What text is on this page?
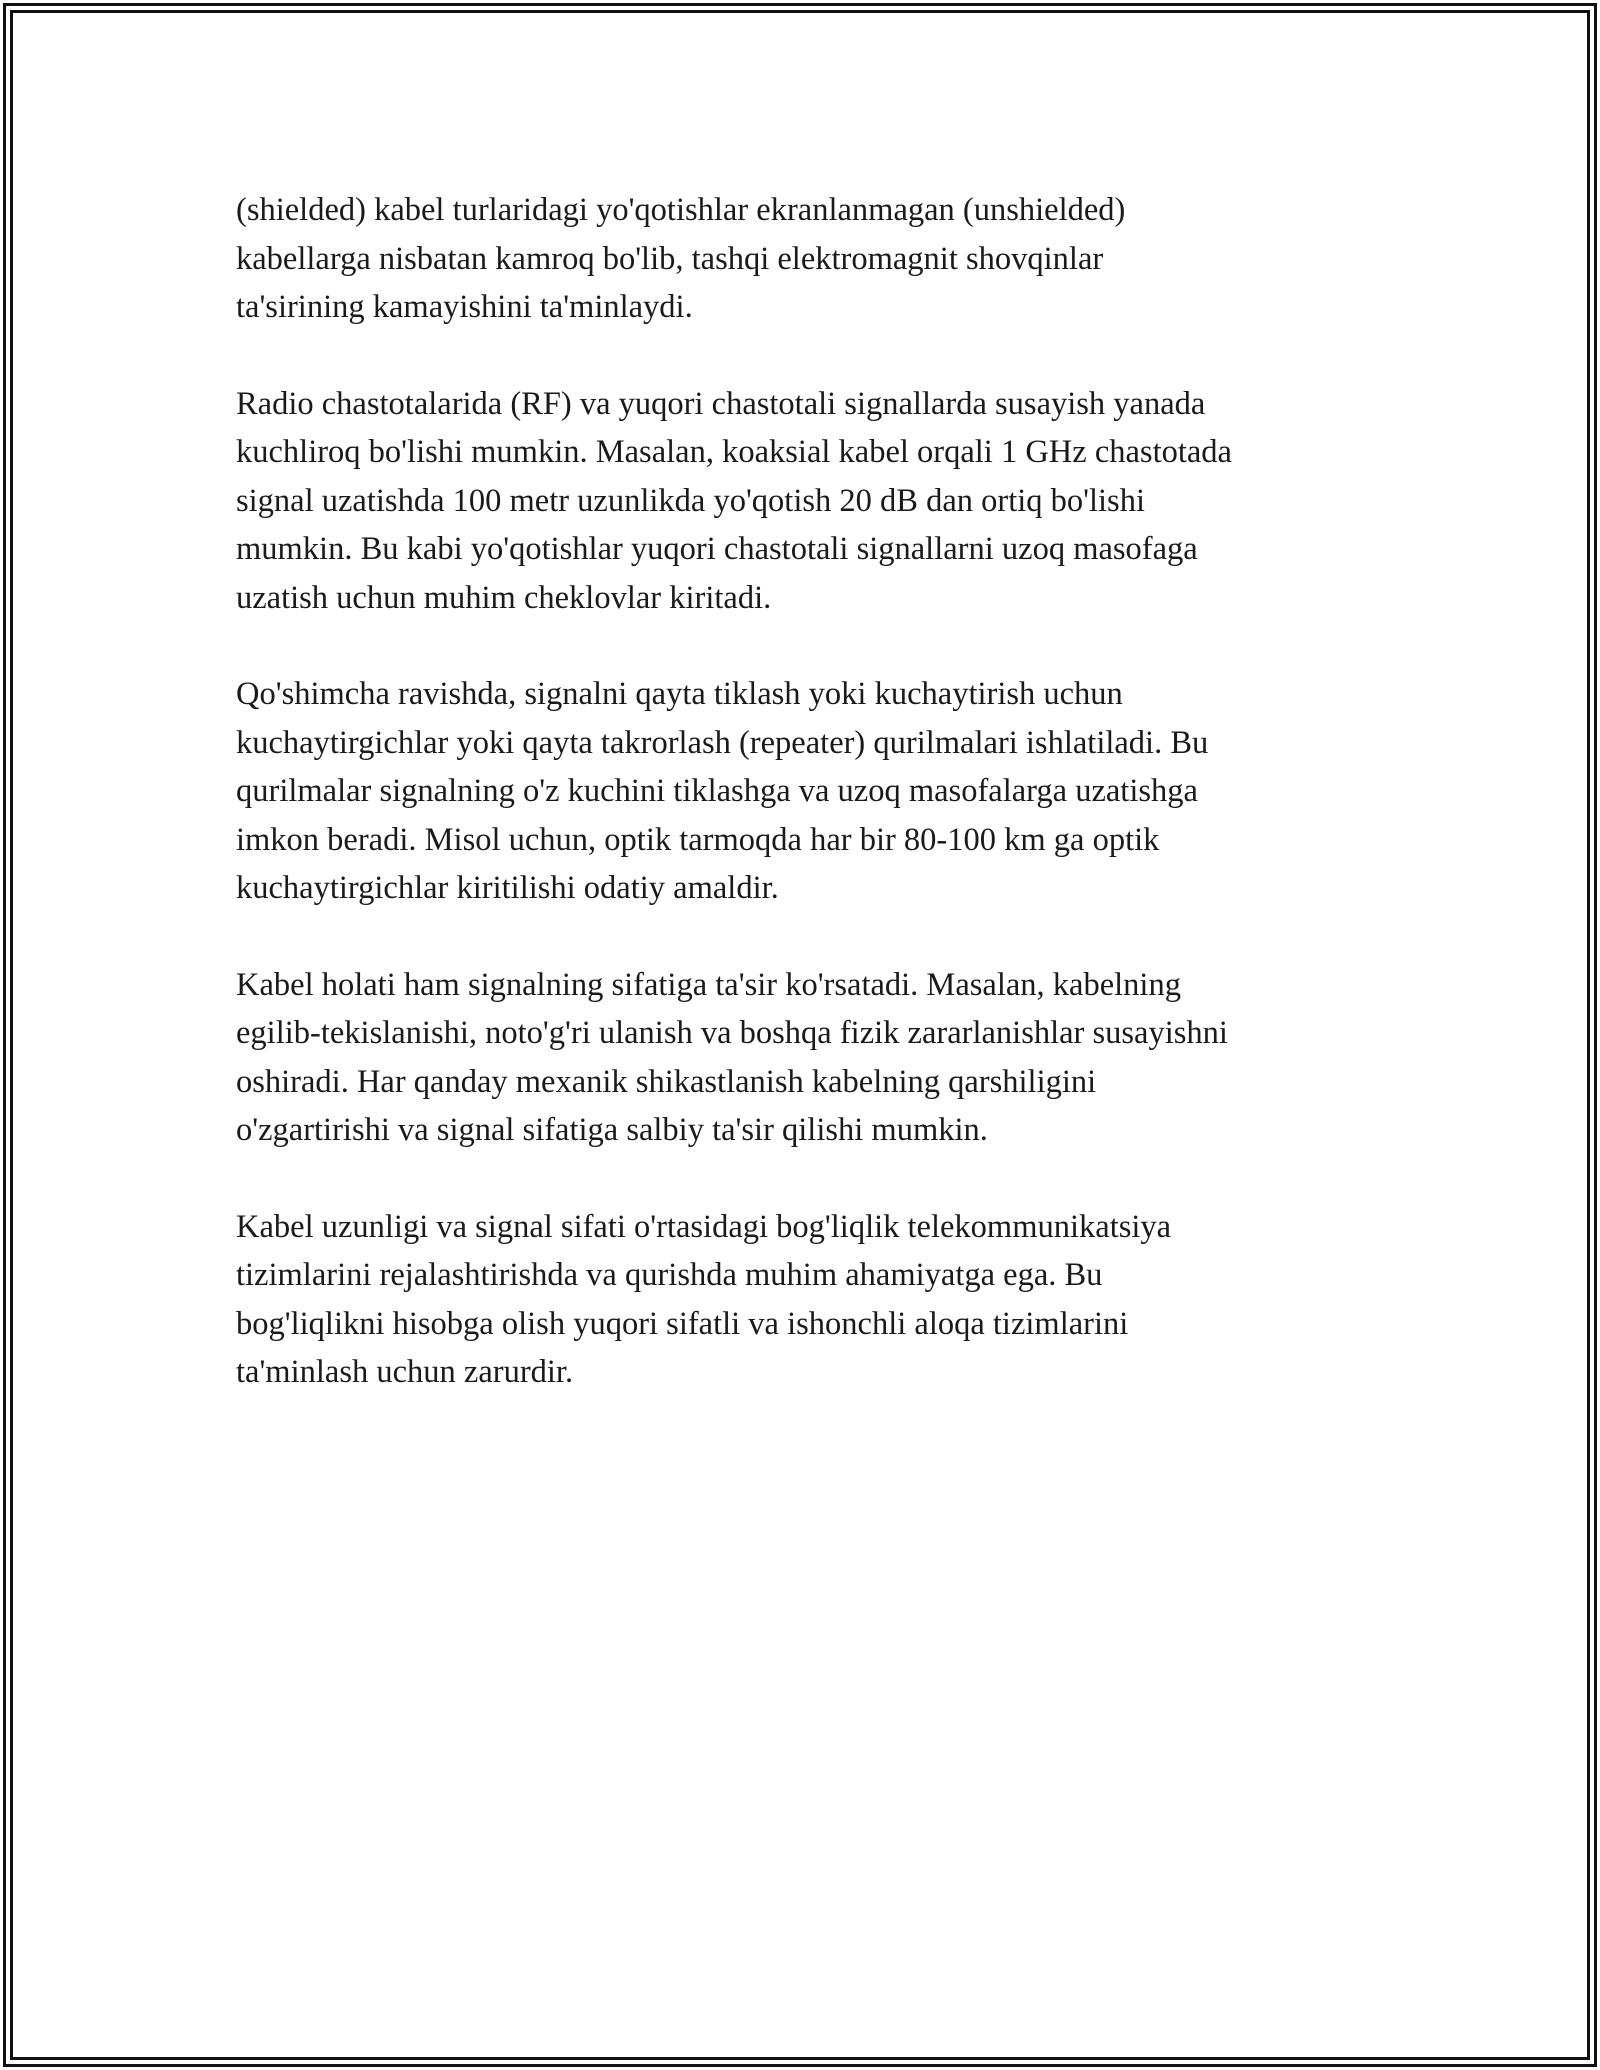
(shielded) kabel turlaridagi yo'qotishlar ekranlanmagan (unshielded)
kabellarga nisbatan kamroq bo'lib, tashqi elektromagnit shovqinlar
ta'sirining kamayishini ta'minlaydi.

Radio chastotalarida (RF) va yuqori chastotali signallarda susayish yanada
kuchliroq bo'lishi mumkin. Masalan, koaksial kabel orqali 1 GHz chastotada
signal uzatishda 100 metr uzunlikda yo'qotish 20 dB dan ortiq bo'lishi
mumkin. Bu kabi yo'qotishlar yuqori chastotali signallarni uzoq masofaga
uzatish uchun muhim cheklovlar kiritadi.

Qo'shimcha ravishda, signalni qayta tiklash yoki kuchaytirish uchun
kuchaytirgichlar yoki qayta takrorlash (repeater) qurilmalari ishlatiladi. Bu
qurilmalar signalning o'z kuchini tiklashga va uzoq masofalarga uzatishga
imkon beradi. Misol uchun, optik tarmoqda har bir 80-100 km ga optik
kuchaytirgichlar kiritilishi odatiy amaldir.

Kabel holati ham signalning sifatiga ta'sir ko'rsatadi. Masalan, kabelning
egilib-tekislanishi, noto'g'ri ulanish va boshqa fizik zararlanishlar susayishni
oshiradi. Har qanday mexanik shikastlanish kabelning qarshiligini
o'zgartirishi va signal sifatiga salbiy ta'sir qilishi mumkin.

Kabel uzunligi va signal sifati o'rtasidagi bog'liqlik telekommunikatsiya
tizimlarini rejalashtirishda va qurishda muhim ahamiyatga ega. Bu
bog'liqlikni hisobga olish yuqori sifatli va ishonchli aloqa tizimlarini
ta'minlash uchun zarurdir.
